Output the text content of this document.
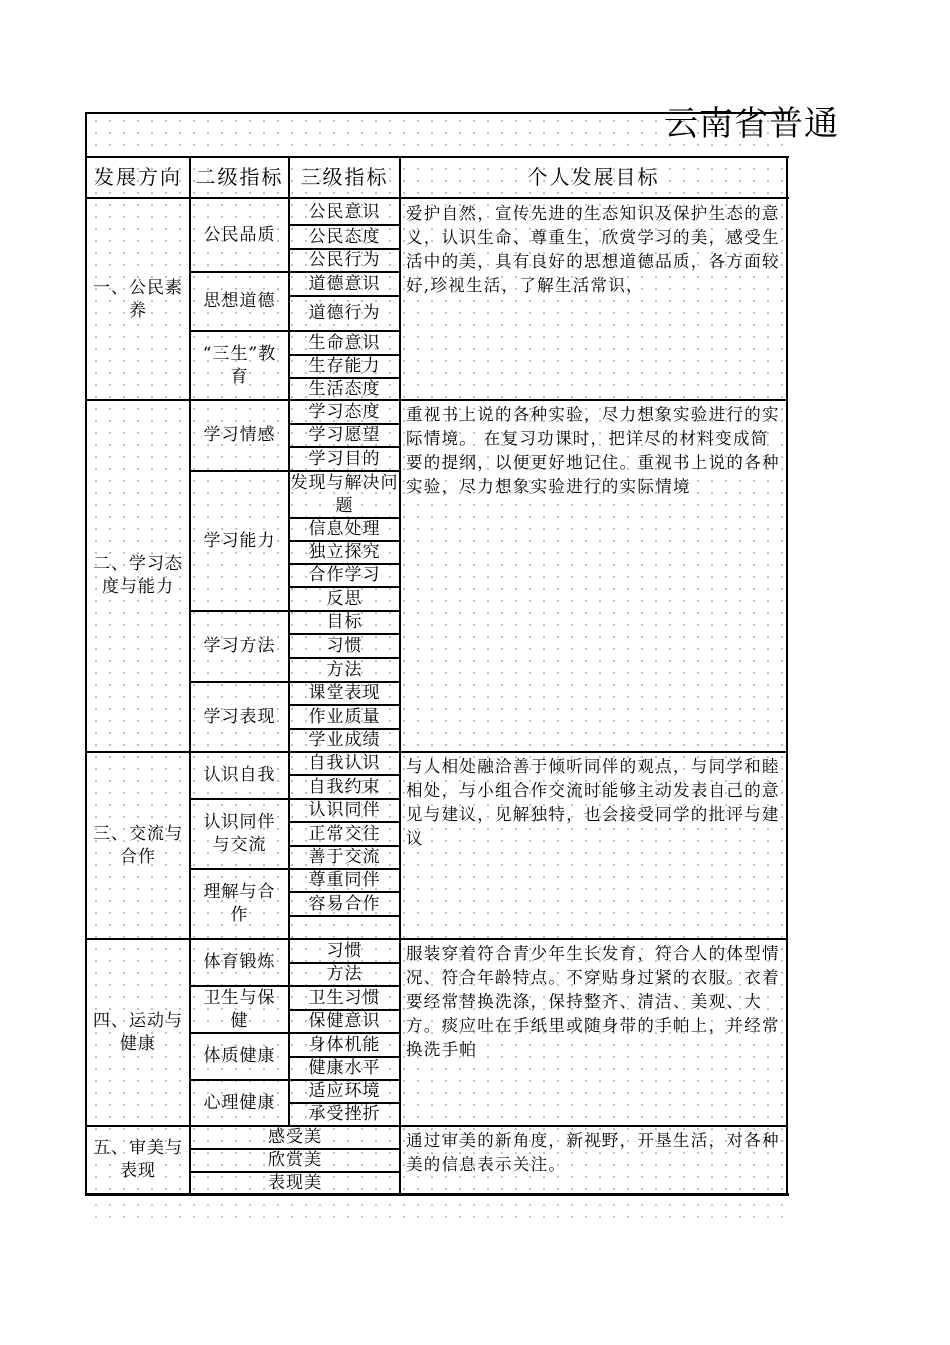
云南省普通
发展方向 二级指标 三级指标	个人发展目标
一、公民素养
爱护自然，宣传先进的生态知识及保护生态的意义，认识生命、尊重生，欣赏学习的美，感受生活中的美，具有良好的思想道德品质，各方面较好,珍视生活，了解生活常识，
公民品质
思想道德
“三生”教育
公民意识
公民态度
公民行为
道德意识
道德行为
生命意识
生存能力
生活态度
二、学习态度与能力
重视书上说的各种实验，尽力想象实验进行的实际情境。 在复习功课时，把详尽的材料变成简要的提纲，以便更好地记住。重视书上说的各种实验，尽力想象实验进行的实际情境
学习情感
学习能力
学习方法
学习表现
学习态度
学习愿望
学习目的
发现与解决问题
信息处理
独立探究
合作学习
反思
目标
习惯
方法
课堂表现
作业质量
学业成绩
三、交流与合作
与人相处融洽善于倾听同伴的观点，与同学和睦相处，与小组合作交流时能够主动发表自己的意见与建议，见解独特，也会接受同学的批评与建议
认识自我
认识同伴与交流
理解与合作
自我认识
自我约束
认识同伴
正常交往
善于交流
尊重同伴
容易合作
四、运动与健康
服装穿着符合青少年生长发育，符合人的体型情况、符合年龄特点。不穿贴身过紧的衣服。衣着要经常替换洗涤，保持整齐、清洁、美观、大方。痰应吐在手纸里或随身带的手帕上，并经常换洗手帕
体育锻炼
卫生与保健
体质健康
心理健康
习惯
方法
卫生习惯
保健意识
身体机能
健康水平
适应环境
承受挫折
五、审美与表现
通过审美的新角度，新视野，开垦生活，对各种美的信息表示关注。
感受美
欣赏美
表现美
